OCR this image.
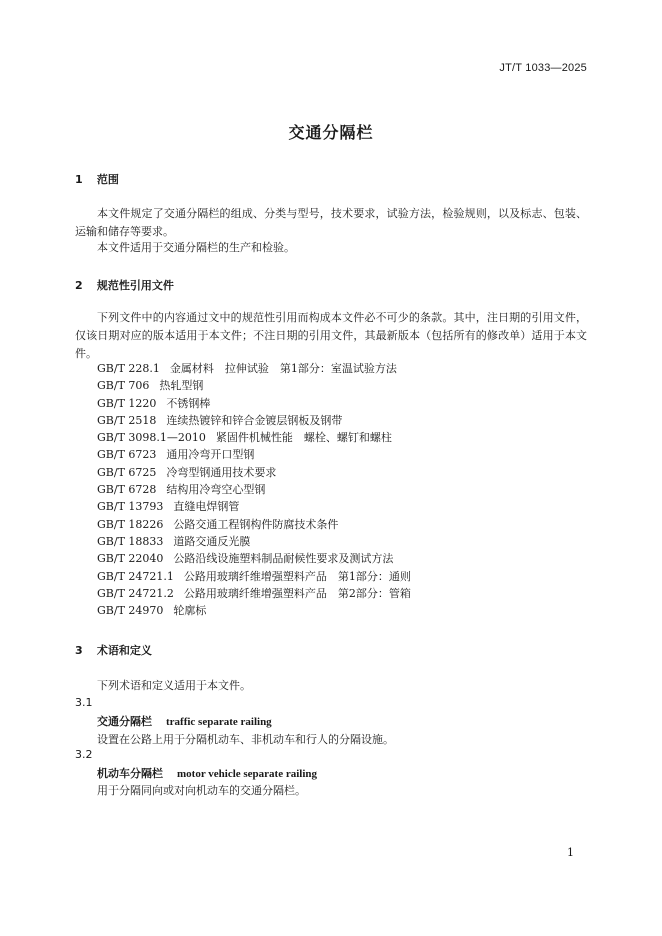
JT/T 1033—2025
交通分隔栏
1 范围

本文件规定了交通分隔栏的组成、分类与型号，技术要求，试验方法，检验规则，以及标志、包装、运输和储存等要求。

本文件适用于交通分隔栏的生产和检验。

2 规范性引用文件

下列文件中的内容通过文中的规范性引用而构成本文件必不可少的条款。其中，注日期的引用文件，仅该日期对应的版本适用于本文件；不注日期的引用文件，其最新版本（包括所有的修改单）适用于本文件。

GB/T 228.1 金属材料　拉伸试验　第1部分：室温试验方法
GB/T 706 热轧型钢
GB/T 1220 不锈钢棒
GB/T 2518 连续热镀锌和锌合金镀层钢板及钢带
GB/T 3098.1—2010 紧固件机械性能　螺栓、螺钉和螺柱
GB/T 6723 通用冷弯开口型钢
GB/T 6725 冷弯型钢通用技术要求
GB/T 6728 结构用冷弯空心型钢
GB/T 13793 直缝电焊钢管
GB/T 18226 公路交通工程钢构件防腐技术条件
GB/T 18833 道路交通反光膜
GB/T 22040 公路沿线设施塑料制品耐候性要求及测试方法
GB/T 24721.1 公路用玻璃纤维增强塑料产品　第1部分：通则
GB/T 24721.2 公路用玻璃纤维增强塑料产品　第2部分：管箱
GB/T 24970 轮廓标
3 术语和定义

下列术语和定义适用于本文件。

3.1
交通分隔栏 traffic separate railing
设置在公路上用于分隔机动车、非机动车和行人的分隔设施。
3.2
机动车分隔栏 motor vehicle separate railing
用于分隔同向或对向机动车的交通分隔栏。
1
